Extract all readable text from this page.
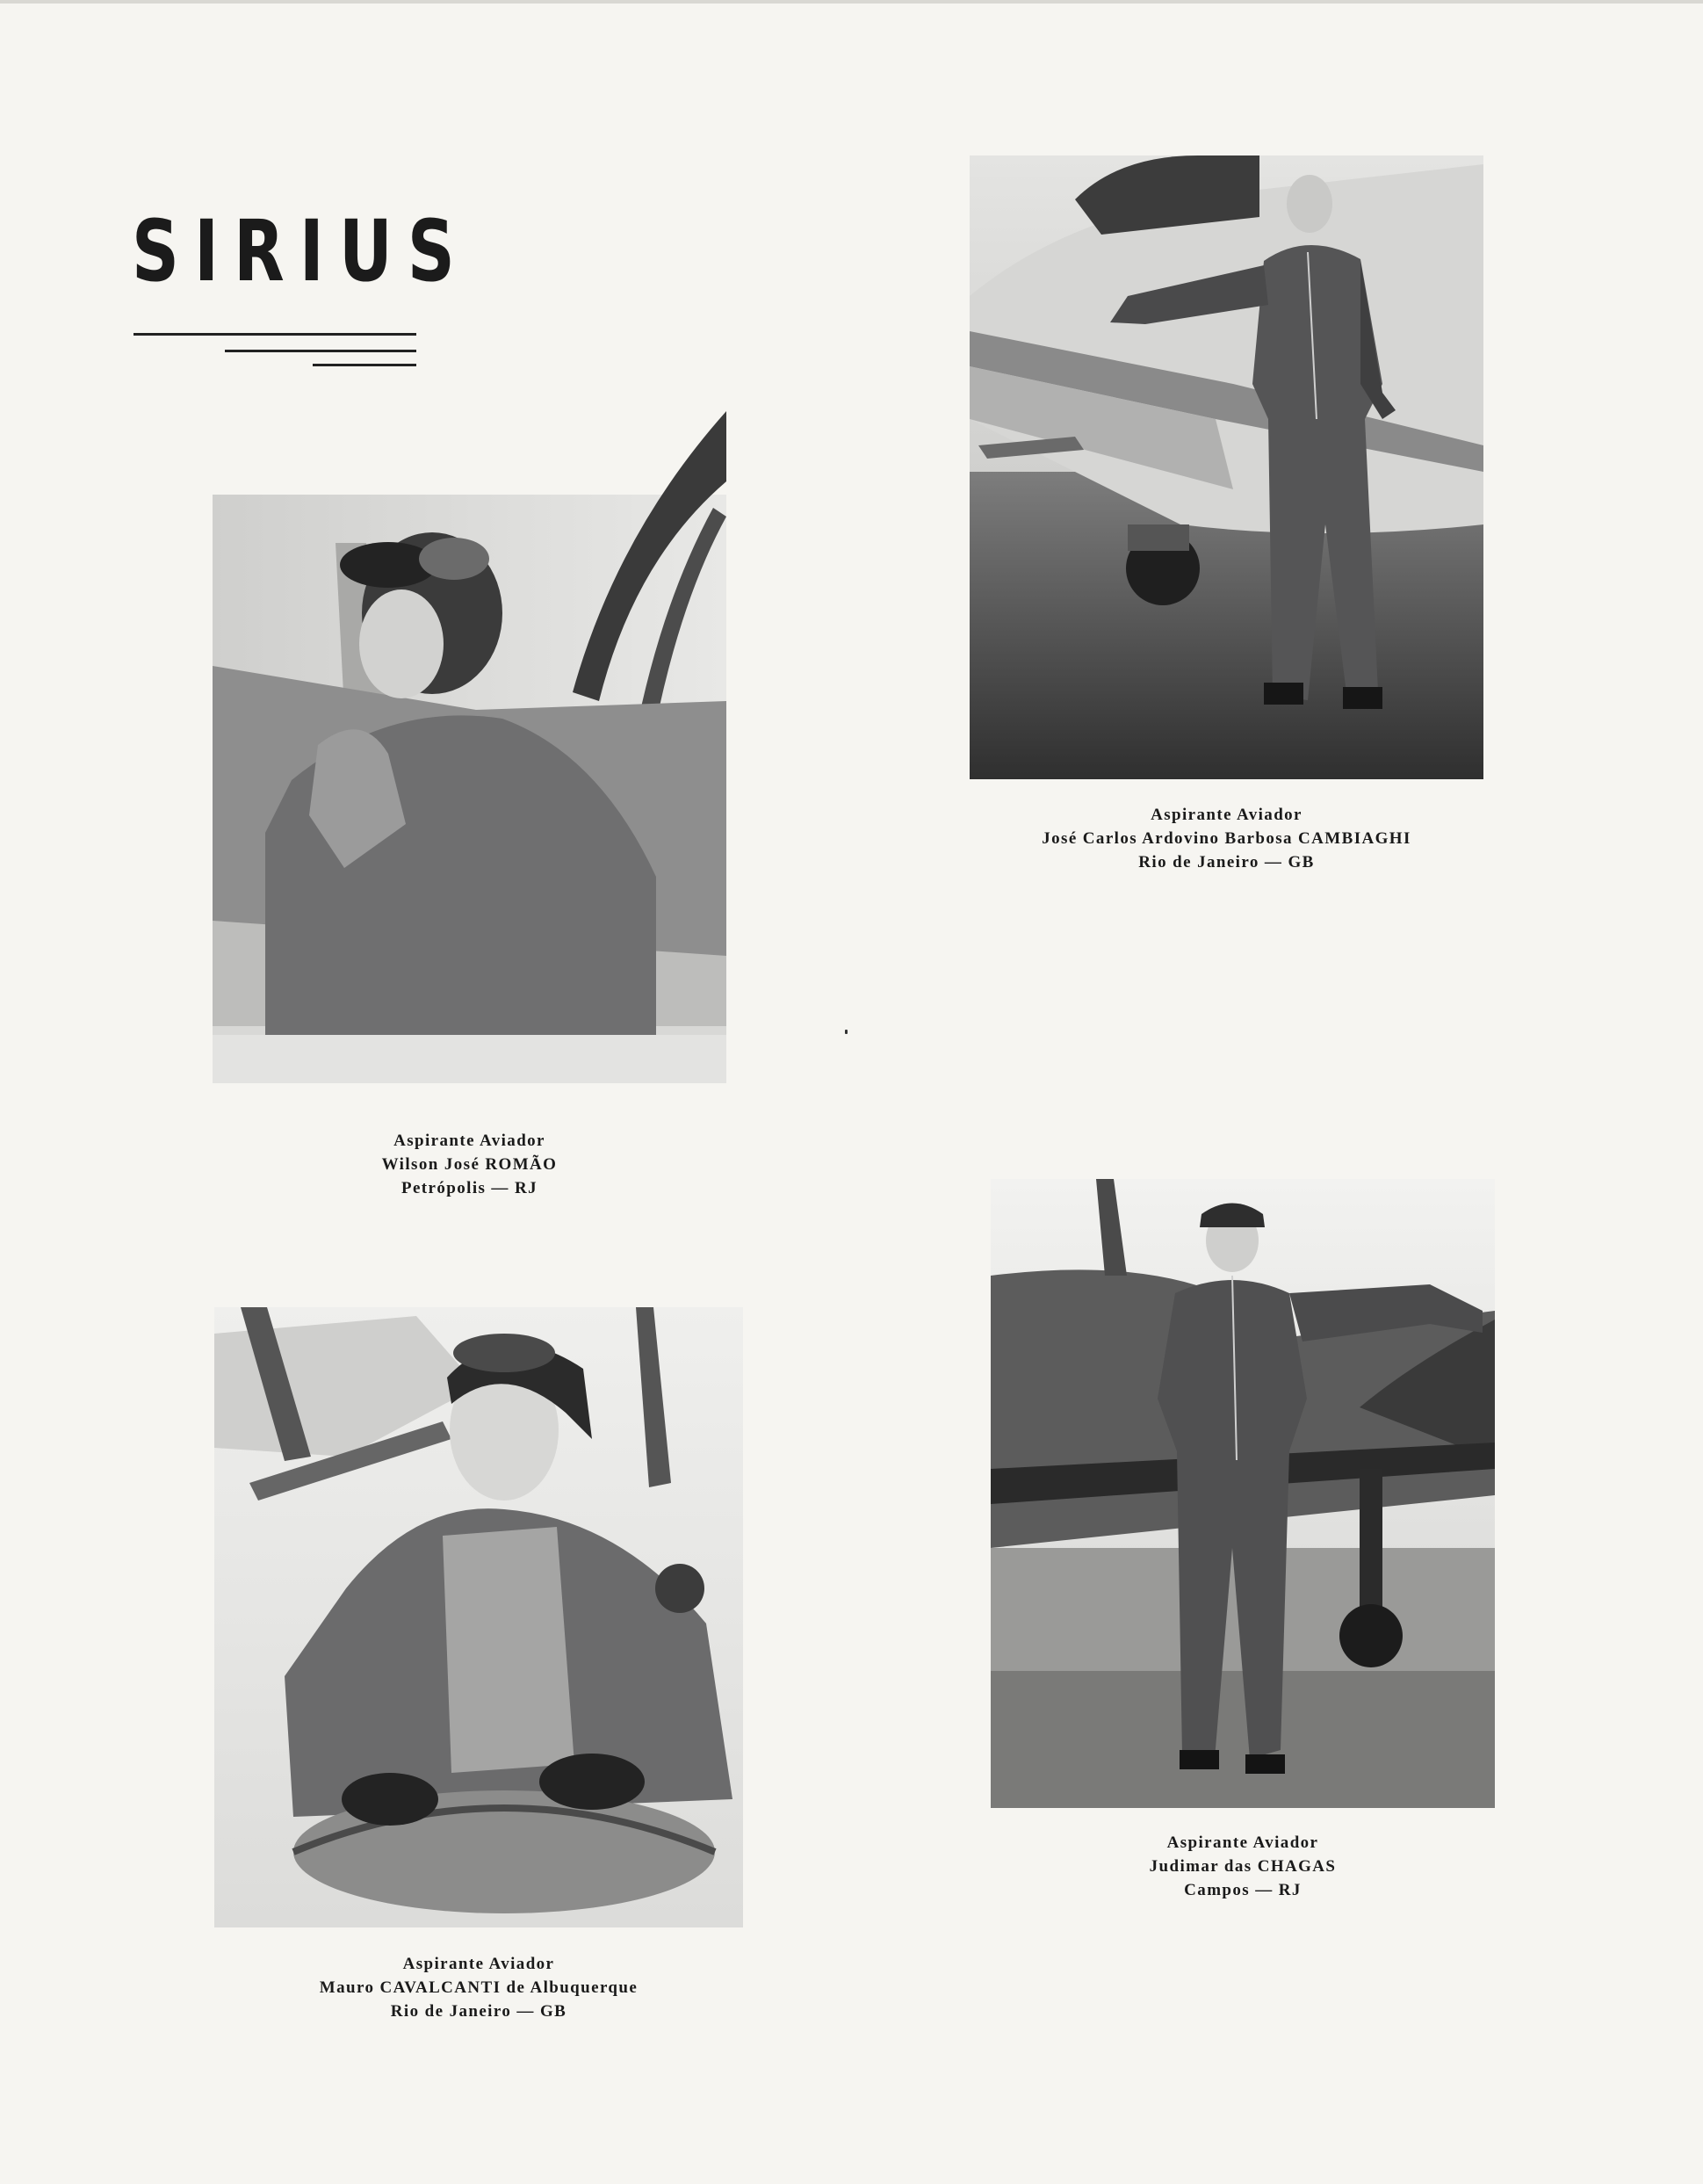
SIRIUS
Aspirante Aviador
José Carlos Ardovino Barbosa CAMBIAGHI
Rio de Janeiro — GB
Aspirante Aviador
Wilson José ROMÃO
Petrópolis — RJ
Aspirante Aviador
Judimar das CHAGAS
Campos — RJ
Aspirante Aviador
Mauro CAVALCANTI de Albuquerque
Rio de Janeiro — GB
